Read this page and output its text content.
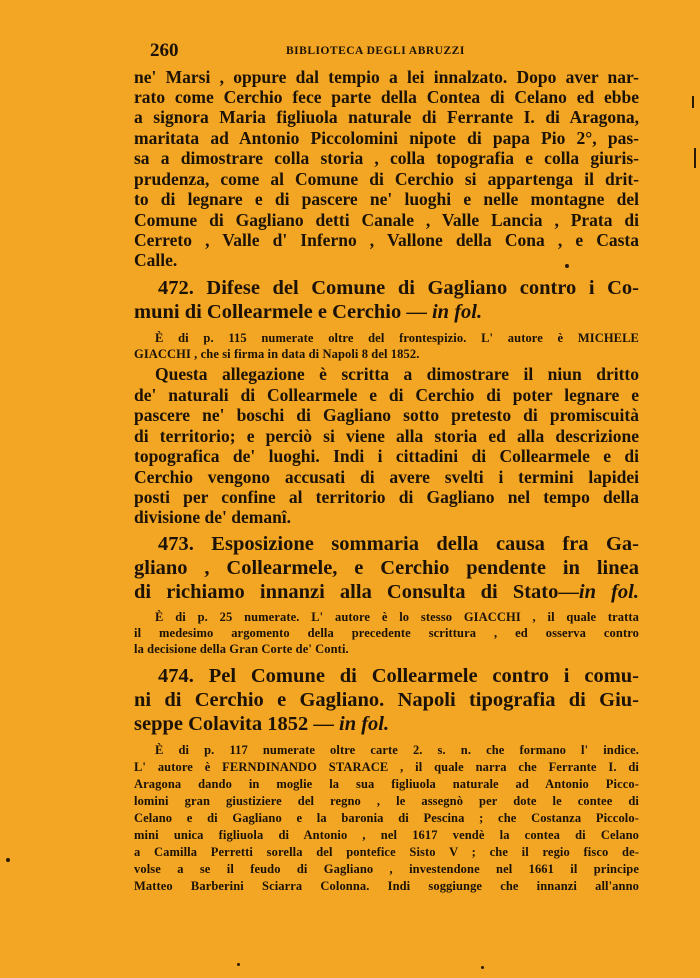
260	BIBLIOTECA DEGLI ABRUZZI
ne' Marsi , oppure dal tempio a lei innalzato. Dopo aver nar-
rato come Cerchio fece parte della Contea di Celano ed ebbe
a signora Maria figliuola naturale di Ferrante I. di Aragona,
maritata ad Antonio Piccolomini nipote di papa Pio 2°, pas-
sa a dimostrare colla storia , colla topografia e colla giuris-
prudenza, come al Comune di Cerchio si appartenga il drit-
to di legnare e di pascere ne' luoghi e nelle montagne del
Comune di Gagliano detti Canale , Valle Lancia , Prata di
Cerreto , Valle d' Inferno , Vallone della Cona , e Casta
Calle.
472. Difese del Comune di Gagliano contro i Co-
muni di Collearmele e Cerchio — in fol.
È di p. 115 numerate oltre del frontespizio. L' autore è MICHELE
GIACCHI , che si firma in data di Napoli 8 del 1852.
Questa allegazione è scritta a dimostrare il niun dritto
de' naturali di Collearmele e di Cerchio di poter legnare e
pascere ne' boschi di Gagliano sotto pretesto di promiscuità
di territorio; e perciò si viene alla storia ed alla descrizione
topografica de' luoghi. Indi i cittadini di Collearmele e di
Cerchio vengono accusati di avere svelti i termini lapidei
posti per confine al territorio di Gagliano nel tempo della
divisione de' demanî.
473. Esposizione sommaria della causa fra Ga-
gliano , Collearmele, e Cerchio pendente in linea
di richiamo innanzi alla Consulta di Stato—in fol.
È di p. 25 numerate. L' autore è lo stesso GIACCHI , il quale tratta
il medesimo argomento della precedente scrittura , ed osserva contro
la decisione della Gran Corte de' Conti.
474. Pel Comune di Collearmele contro i comu-
ni di Cerchio e Gagliano. Napoli tipografia di Giu-
seppe Colavita 1852 — in fol.
È di p. 117 numerate oltre carte 2. s. n. che formano l' indice.
L' autore è FERNDINANDO STARACE , il quale narra che Ferrante I. di
Aragona dando in moglie la sua figliuola naturale ad Antonio Picco-
lomini gran giustiziere del regno , le assegnò per dote le contee di
Celano e di Gagliano e la baronia di Pescina ; che Costanza Piccolo-
mini unica figliuola di Antonio , nel 1617 vendè la contea di Celano
a Camilla Perretti sorella del pontefice Sisto V ; che il regio fisco de-
volse a se il feudo di Gagliano , investendone nel 1661 il principe
Matteo Barberini Sciarra Colonna. Indi soggiunge che innanzi all'anno
